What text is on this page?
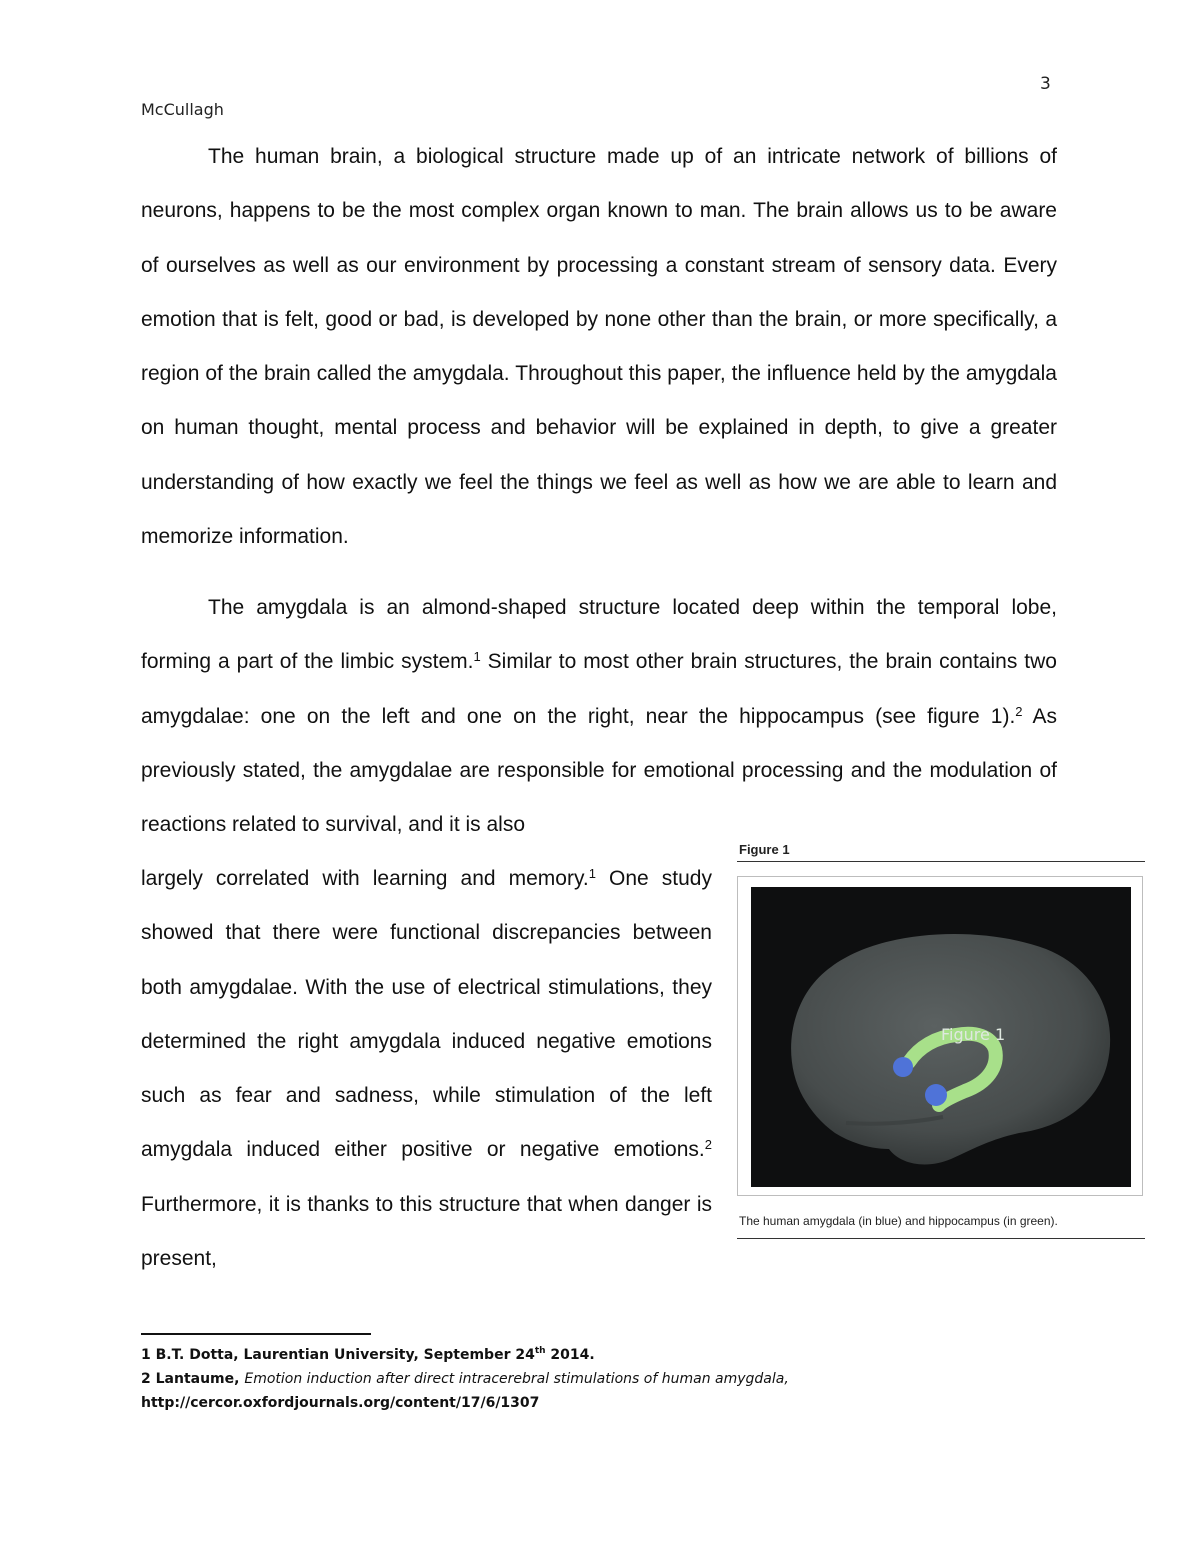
3
McCullagh

The human brain, a biological structure made up of an intricate network of billions of neurons, happens to be the most complex organ known to man. The brain allows us to be aware of ourselves as well as our environment by processing a constant stream of sensory data. Every emotion that is felt, good or bad, is developed by none other than the brain, or more specifically, a region of the brain called the amygdala. Throughout this paper, the influence held by the amygdala on human thought, mental process and behavior will be explained in depth, to give a greater understanding of how exactly we feel the things we feel as well as how we are able to learn and memorize information.

The amygdala is an almond-shaped structure located deep within the temporal lobe, forming a part of the limbic system.$^1$ Similar to most other brain structures, the brain contains two amygdalae: one on the left and one on the right, near the hippocampus (see figure 1).$^2$ As previously stated, the amygdalae are responsible for emotional processing and the modulation of reactions related to survival, and it is also

largely correlated with learning and memory.$^1$ One study showed that there were functional discrepancies between both amygdalae. With the use of electrical stimulations, they determined the right amygdala induced negative emotions such as fear and sadness, while stimulation of the left amygdala induced either positive or negative emotions.$^2$ Furthermore, it is thanks to this structure that when danger is present,

Figure 1
Figure 1
The human amygdala (in blue) and hippocampus (in green).
1 B.T. Dotta, Laurentian University, September 24th 2014.
2 Lantaume, Emotion induction after direct intracerebral stimulations of human amygdala,
http://cercor.oxfordjournals.org/content/17/6/1307
